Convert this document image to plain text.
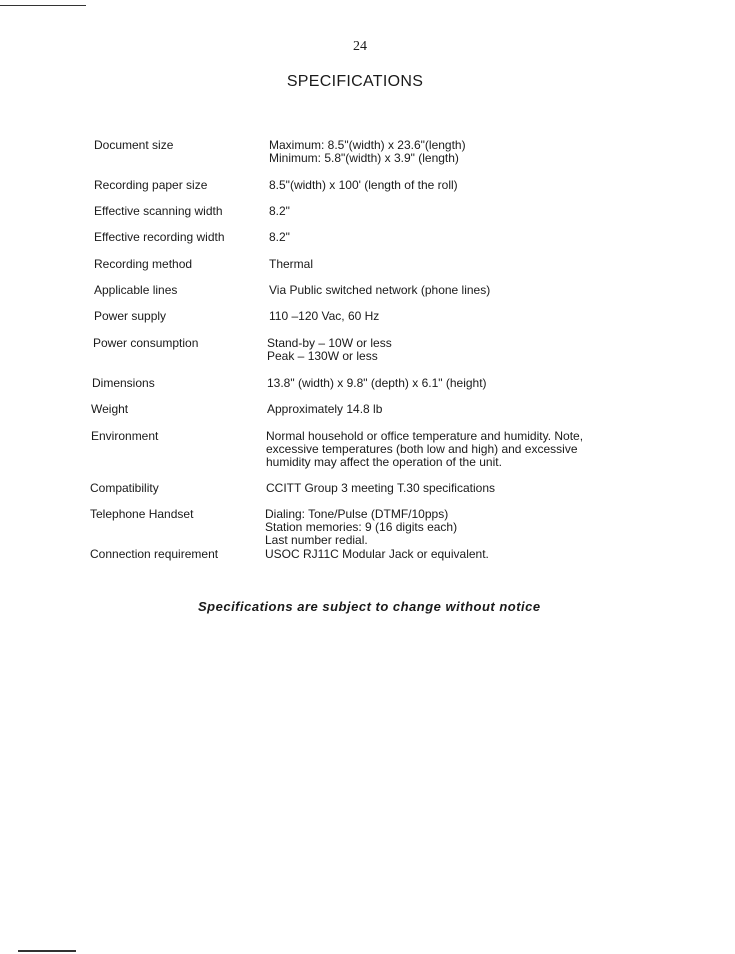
24
SPECIFICATIONS
Document size	Maximum: 8.5"(width) x 23.6"(length)
Minimum: 5.8"(width) x 3.9" (length)
Recording paper size	8.5"(width) x 100' (length of the roll)
Effective scanning width	8.2"
Effective recording width	8.2"
Recording method	Thermal
Applicable lines	Via Public switched network (phone lines)
Power supply	110 –120 Vac, 60 Hz
Power consumption	Stand-by – 10W or less
Peak – 130W or less
Dimensions	13.8" (width) x 9.8" (depth) x 6.1" (height)
Weight	Approximately 14.8 lb
Environment	Normal household or office temperature and humidity. Note,
excessive temperatures (both low and high) and excessive
humidity may affect the operation of the unit.
Compatibility	CCITT Group 3 meeting T.30 specifications
Telephone Handset	Dialing: Tone/Pulse (DTMF/10pps)
Station memories: 9 (16 digits each)
Last number redial.
Connection requirement	USOC RJ11C Modular Jack or equivalent.
Specifications are subject to change without notice
